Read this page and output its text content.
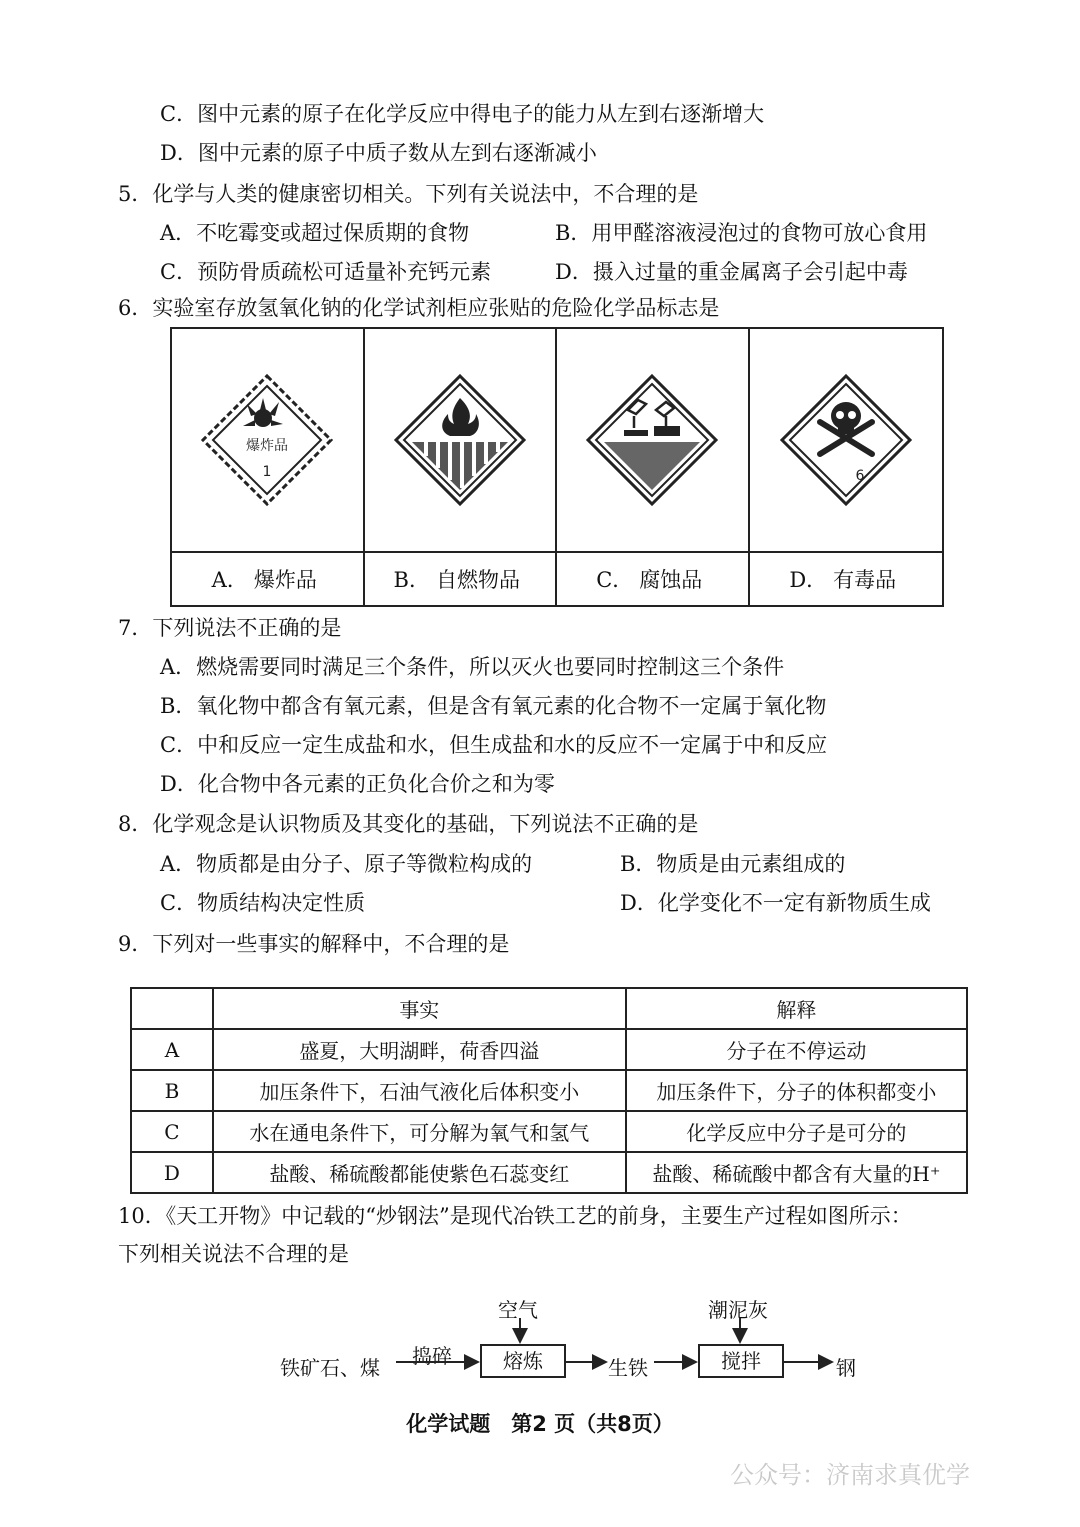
C．图中元素的原子在化学反应中得电子的能力从左到右逐渐增大
D．图中元素的原子中质子数从左到右逐渐减小
5．化学与人类的健康密切相关。下列有关说法中，不合理的是
A．不吃霉变或超过保质期的食物	B．用甲醛溶液浸泡过的食物可放心食用
C．预防骨质疏松可适量补充钙元素	D．摄入过量的重金属离子会引起中毒
6．实验室存放氢氧化钠的化学试剂柜应张贴的危险化学品标志是
爆炸品
1	6
A． 爆炸品	B． 自燃物品	C． 腐蚀品	D． 有毒品
7．下列说法不正确的是
A．燃烧需要同时满足三个条件，所以灭火也要同时控制这三个条件
B．氧化物中都含有氧元素，但是含有氧元素的化合物不一定属于氧化物
C．中和反应一定生成盐和水，但生成盐和水的反应不一定属于中和反应
D．化合物中各元素的正负化合价之和为零
8．化学观念是认识物质及其变化的基础，下列说法不正确的是
A．物质都是由分子、原子等微粒构成的	B．物质是由元素组成的
C．物质结构决定性质	D．化学变化不一定有新物质生成
9．下列对一些事实的解释中，不合理的是
	事实	解释
A	盛夏，大明湖畔，荷香四溢	分子在不停运动
B	加压条件下，石油气液化后体积变小	加压条件下，分子的体积都变小
C	水在通电条件下，可分解为氧气和氢气	化学反应中分子是可分的
D	盐酸、稀硫酸都能使紫色石蕊变红	盐酸、稀硫酸中都含有大量的H⁺
10．《天工开物》中记载的“炒钢法”是现代冶铁工艺的前身，主要生产过程如图所示：
下列相关说法不合理的是
空气	潮泥灰
铁矿石、煤 捣碎	熔炼	生铁	搅拌	钢
化学试题　第2 页（共8页）
公众号：济南求真优学
